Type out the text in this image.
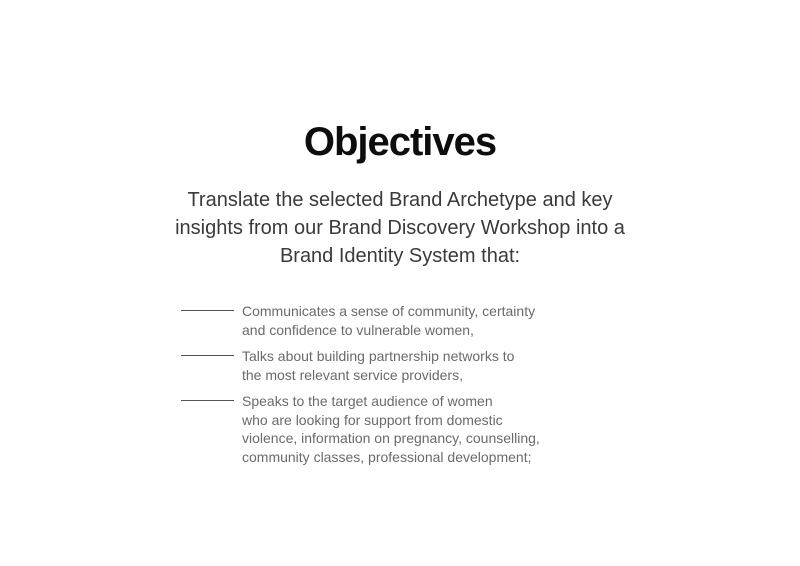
Objectives

Translate the selected Brand Archetype and key
insights from our Brand Discovery Workshop into a
Brand Identity System that:

Communicates a sense of community, certainty
and confidence to vulnerable women,
Talks about building partnership networks to
the most relevant service providers,
Speaks to the target audience of women
who are looking for support from domestic
violence, information on pregnancy, counselling,
community classes, professional development;
